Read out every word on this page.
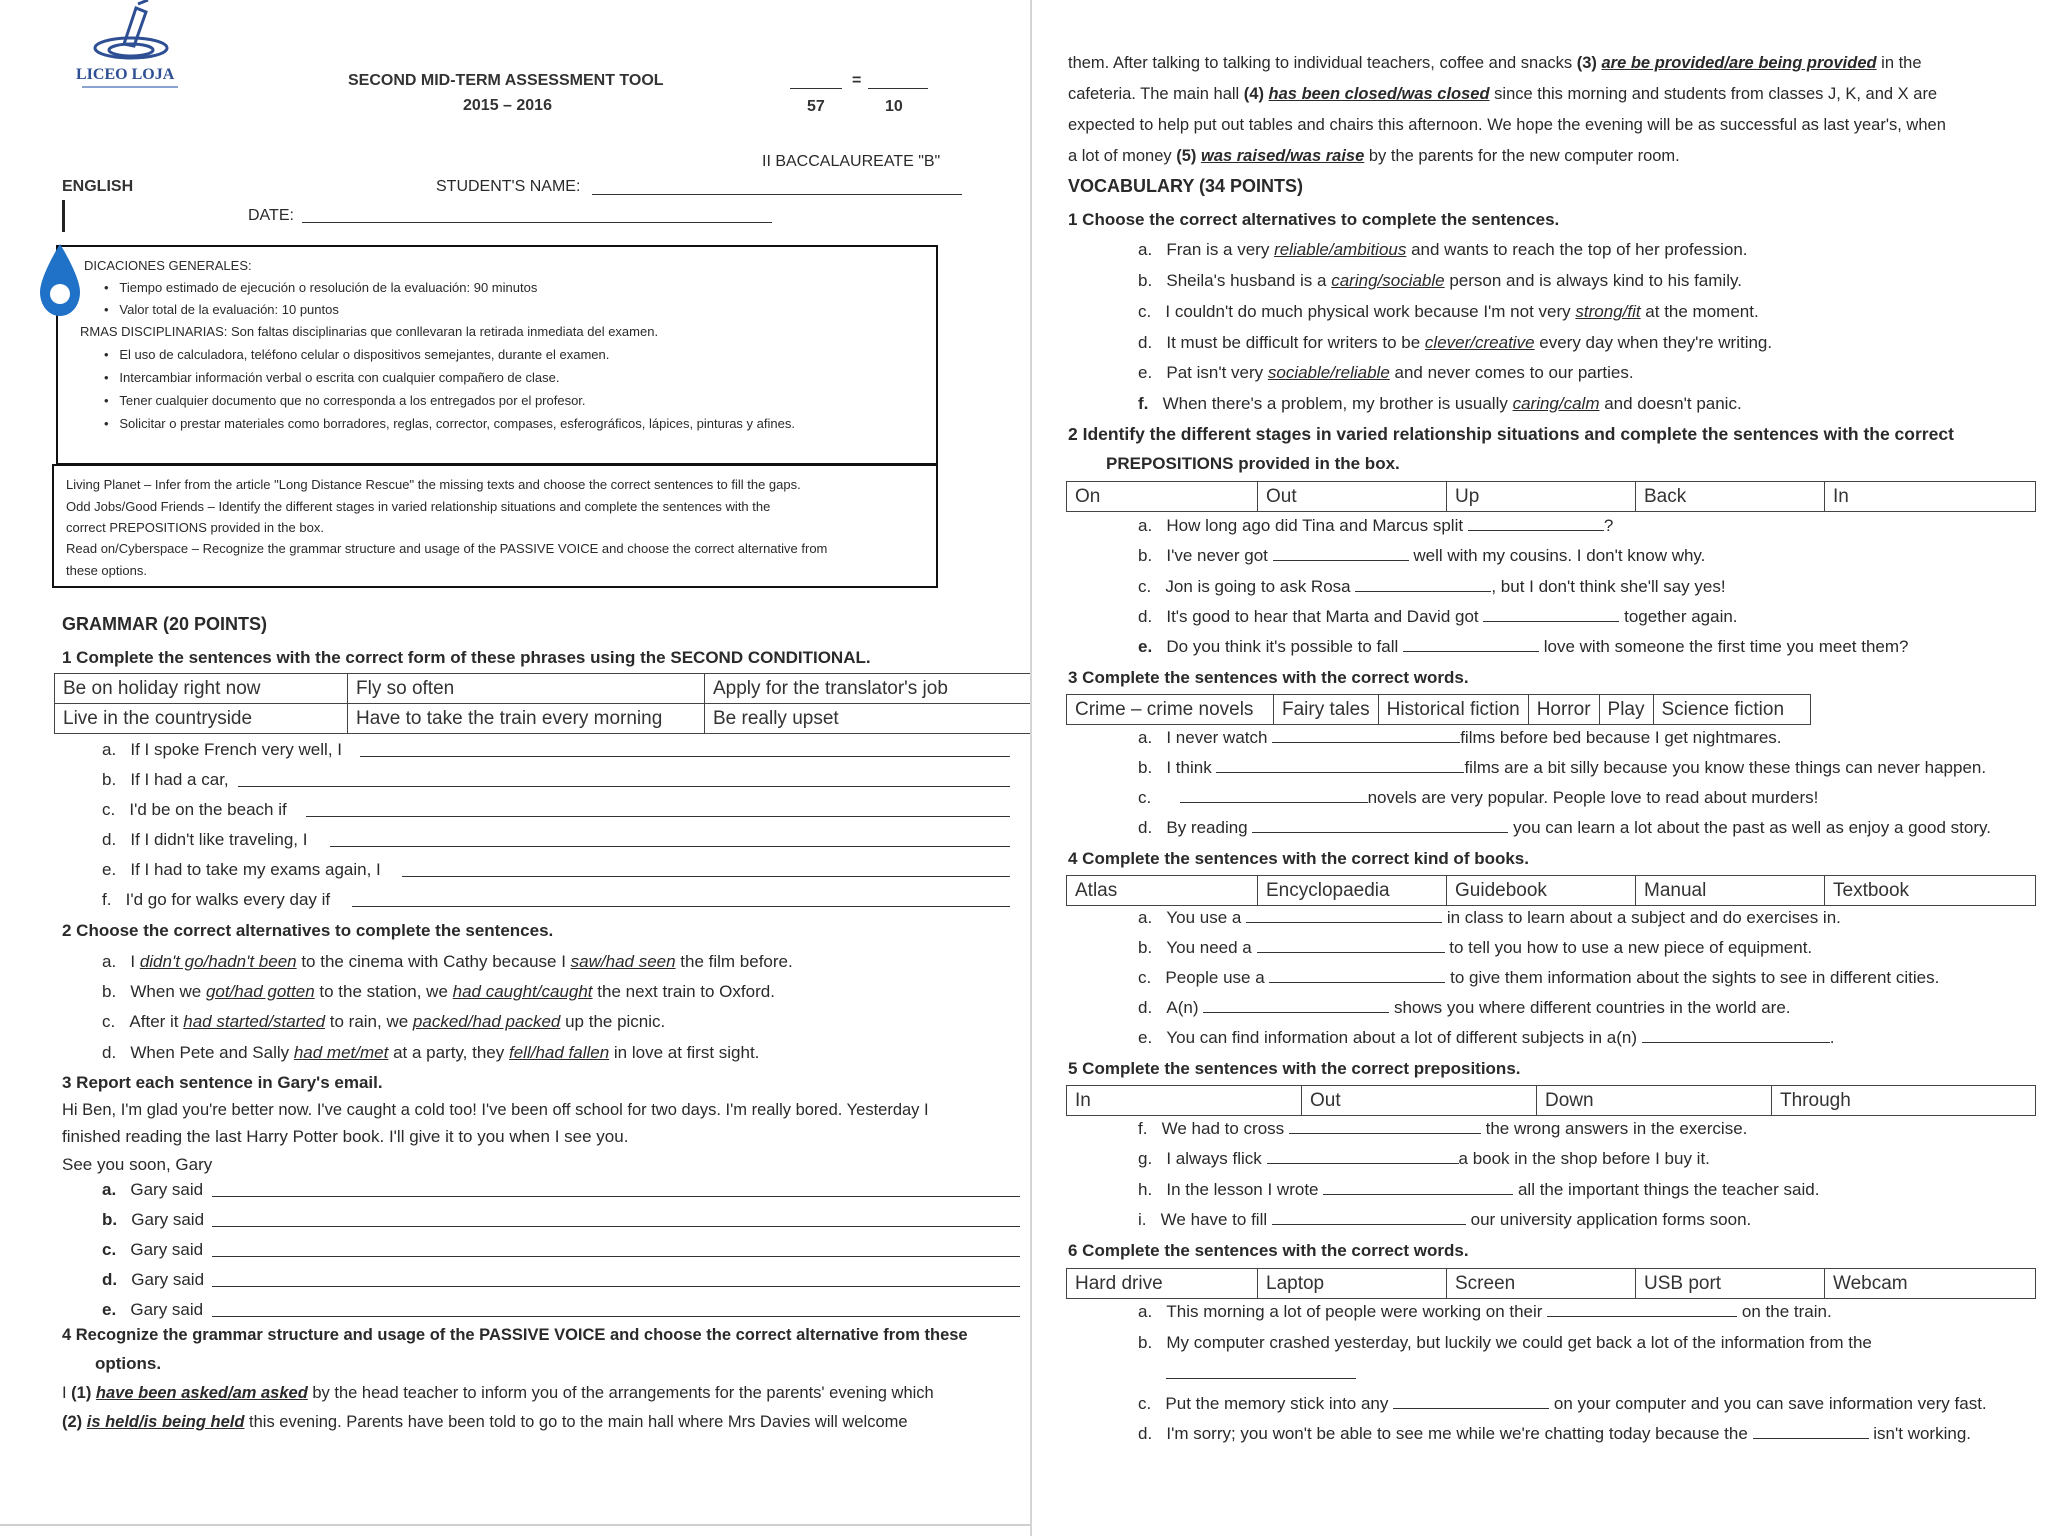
LICEO LOJA	SECOND MID-TERM ASSESSMENT TOOL
2015 – 2016
=
57	10
II BACCALAUREATE "B"
ENGLISH	STUDENT'S NAME:
DATE:
DICACIONES GENERALES:
•   Tiempo estimado de ejecución o resolución de la evaluación: 90 minutos
•   Valor total de la evaluación: 10 puntos
RMAS DISCIPLINARIAS: Son faltas disciplinarias que conllevaran la retirada inmediata del examen.
•   El uso de calculadora, teléfono celular o dispositivos semejantes, durante el examen.
•   Intercambiar información verbal o escrita con cualquier compañero de clase.
•   Tener cualquier documento que no corresponda a los entregados por el profesor.
•   Solicitar o prestar materiales como borradores, reglas, corrector, compases, esferográficos, lápices, pinturas y afines.
Living Planet – Infer from the article "Long Distance Rescue" the missing texts and choose the correct sentences to fill the gaps.
Odd Jobs/Good Friends – Identify the different stages in varied relationship situations and complete the sentences with the
correct PREPOSITIONS provided in the box.
Read on/Cyberspace – Recognize the grammar structure and usage of the PASSIVE VOICE and choose the correct alternative from
these options.
GRAMMAR (20 POINTS)
1 Complete the sentences with the correct form of these phrases using the SECOND CONDITIONAL.
Be on holiday right now	Fly so often	Apply for the translator's job
Live in the countryside	Have to take the train every morning	Be really upset
a. If I spoke French very well, I
b. If I had a car,
c. I'd be on the beach if
d. If I didn't like traveling, I
e. If I had to take my exams again, I
f. I'd go for walks every day if
2 Choose the correct alternatives to complete the sentences.
a. I didn't go/hadn't been to the cinema with Cathy because I saw/had seen the film before.
b. When we got/had gotten to the station, we had caught/caught the next train to Oxford.
c. After it had started/started to rain, we packed/had packed up the picnic.
d. When Pete and Sally had met/met at a party, they fell/had fallen in love at first sight.
3 Report each sentence in Gary's email.
Hi Ben, I'm glad you're better now. I've caught a cold too! I've been off school for two days. I'm really bored. Yesterday I
finished reading the last Harry Potter book. I'll give it to you when I see you.
See you soon, Gary
a. Gary said
b. Gary said
c. Gary said
d. Gary said
e. Gary said
4 Recognize the grammar structure and usage of the PASSIVE VOICE and choose the correct alternative from these
options.
I (1) have been asked/am asked by the head teacher to inform you of the arrangements for the parents' evening which
(2) is held/is being held this evening. Parents have been told to go to the main hall where Mrs Davies will welcome
them. After talking to talking to individual teachers, coffee and snacks (3) are be provided/are being provided in the
cafeteria. The main hall (4) has been closed/was closed since this morning and students from classes J, K, and X are
expected to help put out tables and chairs this afternoon. We hope the evening will be as successful as last year's, when
a lot of money (5) was raised/was raise by the parents for the new computer room.
VOCABULARY (34 POINTS)
1 Choose the correct alternatives to complete the sentences.
a. Fran is a very reliable/ambitious and wants to reach the top of her profession.
b. Sheila's husband is a caring/sociable person and is always kind to his family.
c. I couldn't do much physical work because I'm not very strong/fit at the moment.
d. It must be difficult for writers to be clever/creative every day when they're writing.
e. Pat isn't very sociable/reliable and never comes to our parties.
f. When there's a problem, my brother is usually caring/calm and doesn't panic.
2 Identify the different stages in varied relationship situations and complete the sentences with the correct
PREPOSITIONS provided in the box.
On	Out	Up	Back	In
a. How long ago did Tina and Marcus split	?
b. I've never got	well with my cousins. I don't know why.
c. Jon is going to ask Rosa	, but I don't think she'll say yes!
d. It's good to hear that Marta and David got	together again.
e. Do you think it's possible to fall	love with someone the first time you meet them?
3 Complete the sentences with the correct words.
Crime – crime novels	Fairy tales	Historical fiction	Horror	Play	Science fiction
a. I never watch	films before bed because I get nightmares.
b. I think	films are a bit silly because you know these things can never happen.
c.	novels are very popular. People love to read about murders!
d. By reading	you can learn a lot about the past as well as enjoy a good story.
4 Complete the sentences with the correct kind of books.
Atlas	Encyclopaedia	Guidebook	Manual	Textbook
a. You use a	in class to learn about a subject and do exercises in.
b. You need a	to tell you how to use a new piece of equipment.
c. People use a	to give them information about the sights to see in different cities.
d. A(n)	shows you where different countries in the world are.
e. You can find information about a lot of different subjects in a(n)	.
5 Complete the sentences with the correct prepositions.
In	Out	Down	Through
f. We had to cross	the wrong answers in the exercise.
g. I always flick	a book in the shop before I buy it.
h. In the lesson I wrote	all the important things the teacher said.
i. We have to fill	our university application forms soon.
6 Complete the sentences with the correct words.
Hard drive	Laptop	Screen	USB port	Webcam
a. This morning a lot of people were working on their	on the train.
b. My computer crashed yesterday, but luckily we could get back a lot of the information from the
c. Put the memory stick into any	on your computer and you can save information very fast.
d. I'm sorry; you won't be able to see me while we're chatting today because the	isn't working.
